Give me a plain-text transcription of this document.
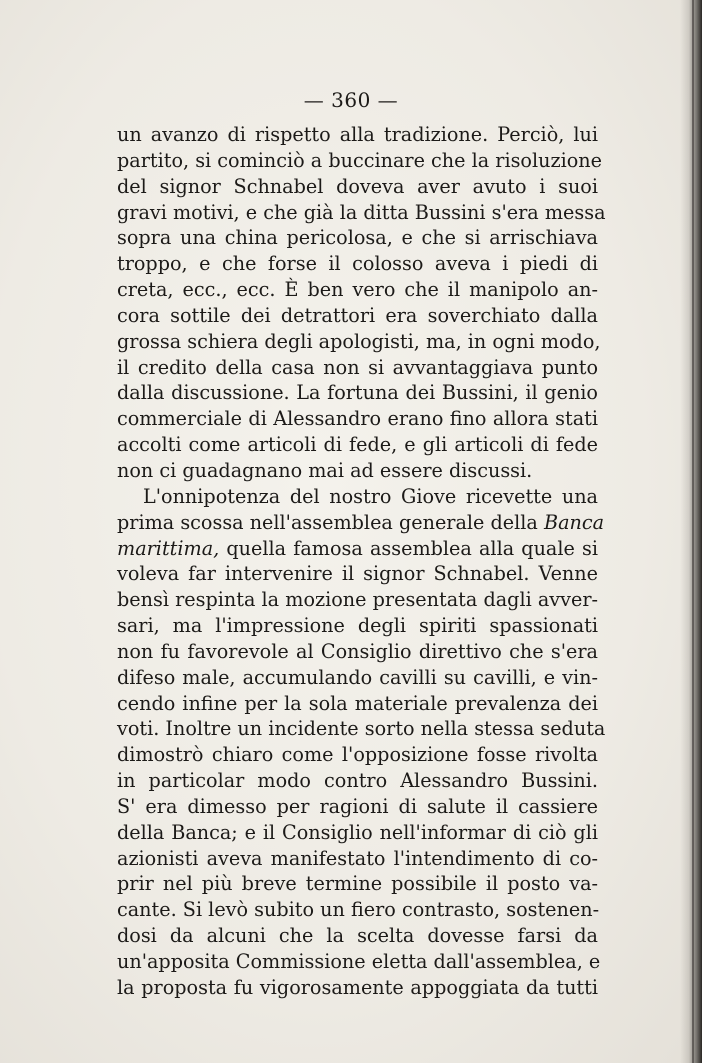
— 360 —
un avanzo di rispetto alla tradizione. Perciò, lui
partito, si cominciò a buccinare che la risoluzione
del signor Schnabel doveva aver avuto i suoi
gravi motivi, e che già la ditta Bussini s'era messa
sopra una china pericolosa, e che si arrischiava
troppo, e che forse il colosso aveva i piedi di
creta, ecc., ecc. È ben vero che il manipolo an-
cora sottile dei detrattori era soverchiato dalla
grossa schiera degli apologisti, ma, in ogni modo,
il credito della casa non si avvantaggiava punto
dalla discussione. La fortuna dei Bussini, il genio
commerciale di Alessandro erano fino allora stati
accolti come articoli di fede, e gli articoli di fede
non ci guadagnano mai ad essere discussi.
L'onnipotenza del nostro Giove ricevette una
prima scossa nell'assemblea generale della Banca
marittima, quella famosa assemblea alla quale si
voleva far intervenire il signor Schnabel. Venne
bensì respinta la mozione presentata dagli avver-
sari, ma l'impressione degli spiriti spassionati
non fu favorevole al Consiglio direttivo che s'era
difeso male, accumulando cavilli su cavilli, e vin-
cendo infine per la sola materiale prevalenza dei
voti. Inoltre un incidente sorto nella stessa seduta
dimostrò chiaro come l'opposizione fosse rivolta
in particolar modo contro Alessandro Bussini.
S' era dimesso per ragioni di salute il cassiere
della Banca; e il Consiglio nell'informar di ciò gli
azionisti aveva manifestato l'intendimento di co-
prir nel più breve termine possibile il posto va-
cante. Si levò subito un fiero contrasto, sostenen-
dosi da alcuni che la scelta dovesse farsi da
un'apposita Commissione eletta dall'assemblea, e
la proposta fu vigorosamente appoggiata da tutti
